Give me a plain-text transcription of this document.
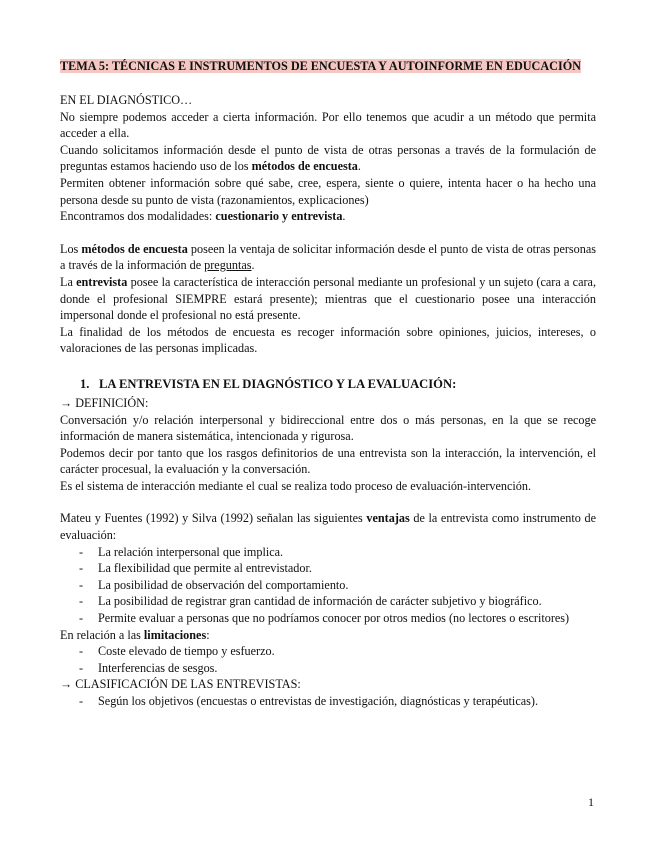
TEMA 5: TÉCNICAS E INSTRUMENTOS DE ENCUESTA Y AUTOINFORME EN EDUCACIÓN

EN EL DIAGNÓSTICO…

No siempre podemos acceder a cierta información. Por ello tenemos que acudir a un método que permita acceder a ella.

Cuando solicitamos información desde el punto de vista de otras personas a través de la formulación de preguntas estamos haciendo uso de los métodos de encuesta.

Permiten obtener información sobre qué sabe, cree, espera, siente o quiere, intenta hacer o ha hecho una persona desde su punto de vista (razonamientos, explicaciones)

Encontramos dos modalidades: cuestionario y entrevista.

Los métodos de encuesta poseen la ventaja de solicitar información desde el punto de vista de otras personas a través de la información de preguntas.

La entrevista posee la característica de interacción personal mediante un profesional y un sujeto (cara a cara, donde el profesional SIEMPRE estará presente); mientras que el cuestionario posee una interacción impersonal donde el profesional no está presente.

La finalidad de los métodos de encuesta es recoger información sobre opiniones, juicios, intereses, o valoraciones de las personas implicadas.

1. LA ENTREVISTA EN EL DIAGNÓSTICO Y LA EVALUACIÓN:

→ DEFINICIÓN:

Conversación y/o relación interpersonal y bidireccional entre dos o más personas, en la que se recoge información de manera sistemática, intencionada y rigurosa.

Podemos decir por tanto que los rasgos definitorios de una entrevista son la interacción, la intervención, el carácter procesual, la evaluación y la conversación.

Es el sistema de interacción mediante el cual se realiza todo proceso de evaluación-intervención.

Mateu y Fuentes (1992) y Silva (1992) señalan las siguientes ventajas de la entrevista como instrumento de evaluación:

- La relación interpersonal que implica.
- La flexibilidad que permite al entrevistador.
- La posibilidad de observación del comportamiento.
- La posibilidad de registrar gran cantidad de información de carácter subjetivo y biográfico.
- Permite evaluar a personas que no podríamos conocer por otros medios (no lectores o escritores)

En relación a las limitaciones:

- Coste elevado de tiempo y esfuerzo.
- Interferencias de sesgos.

→ CLASIFICACIÓN DE LAS ENTREVISTAS:

- Según los objetivos (encuestas o entrevistas de investigación, diagnósticas y terapéuticas).
1
